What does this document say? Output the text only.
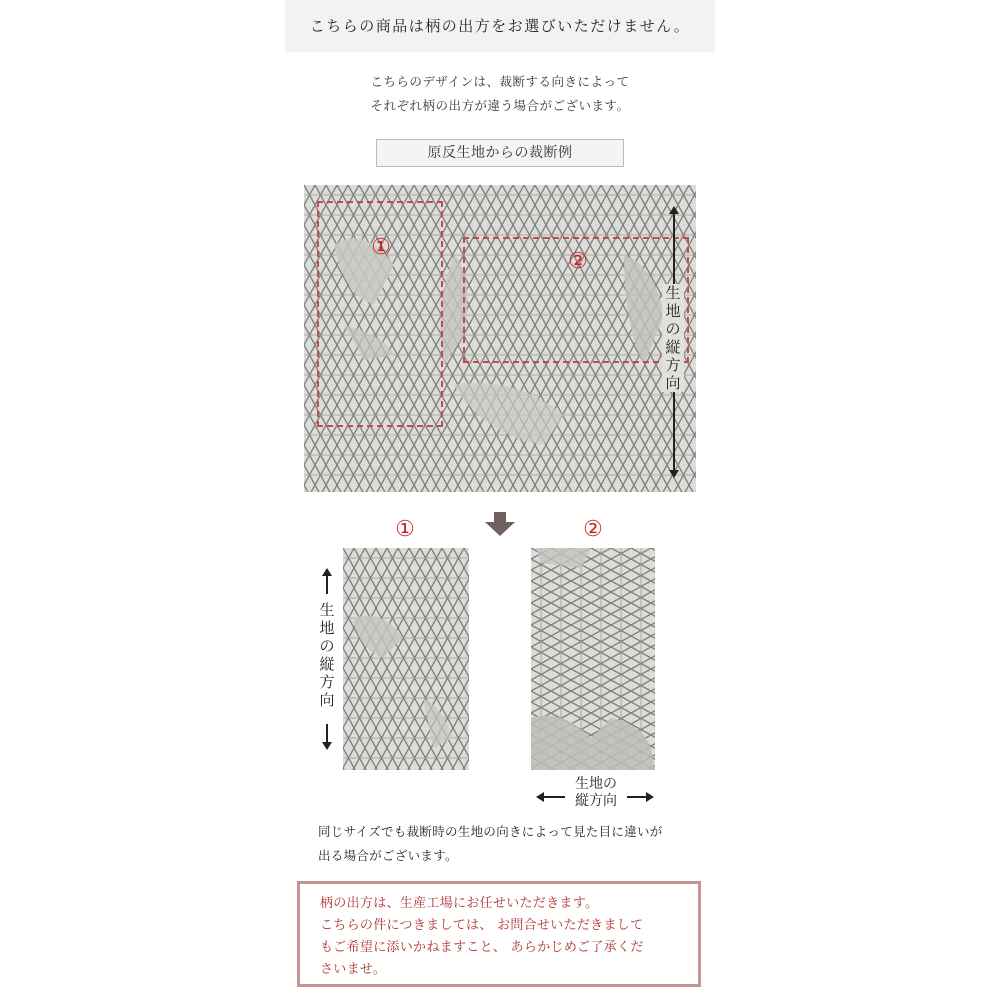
こちらの商品は柄の出方をお選びいただけません。
こちらのデザインは、裁断する向きによって
それぞれ柄の出方が違う場合がございます。
原反生地からの裁断例
①
②
生
地
の
縦
方
向
①	②
生
地
の
縦
方
向
生地の
縦方向
同じサイズでも裁断時の生地の向きによって見た目に違いが
出る場合がございます。
柄の出方は、生産工場にお任せいただきます。
こちらの件につきましては、 お問合せいただきまして
もご希望に添いかねますこと、 あらかじめご了承くだ
さいませ。
